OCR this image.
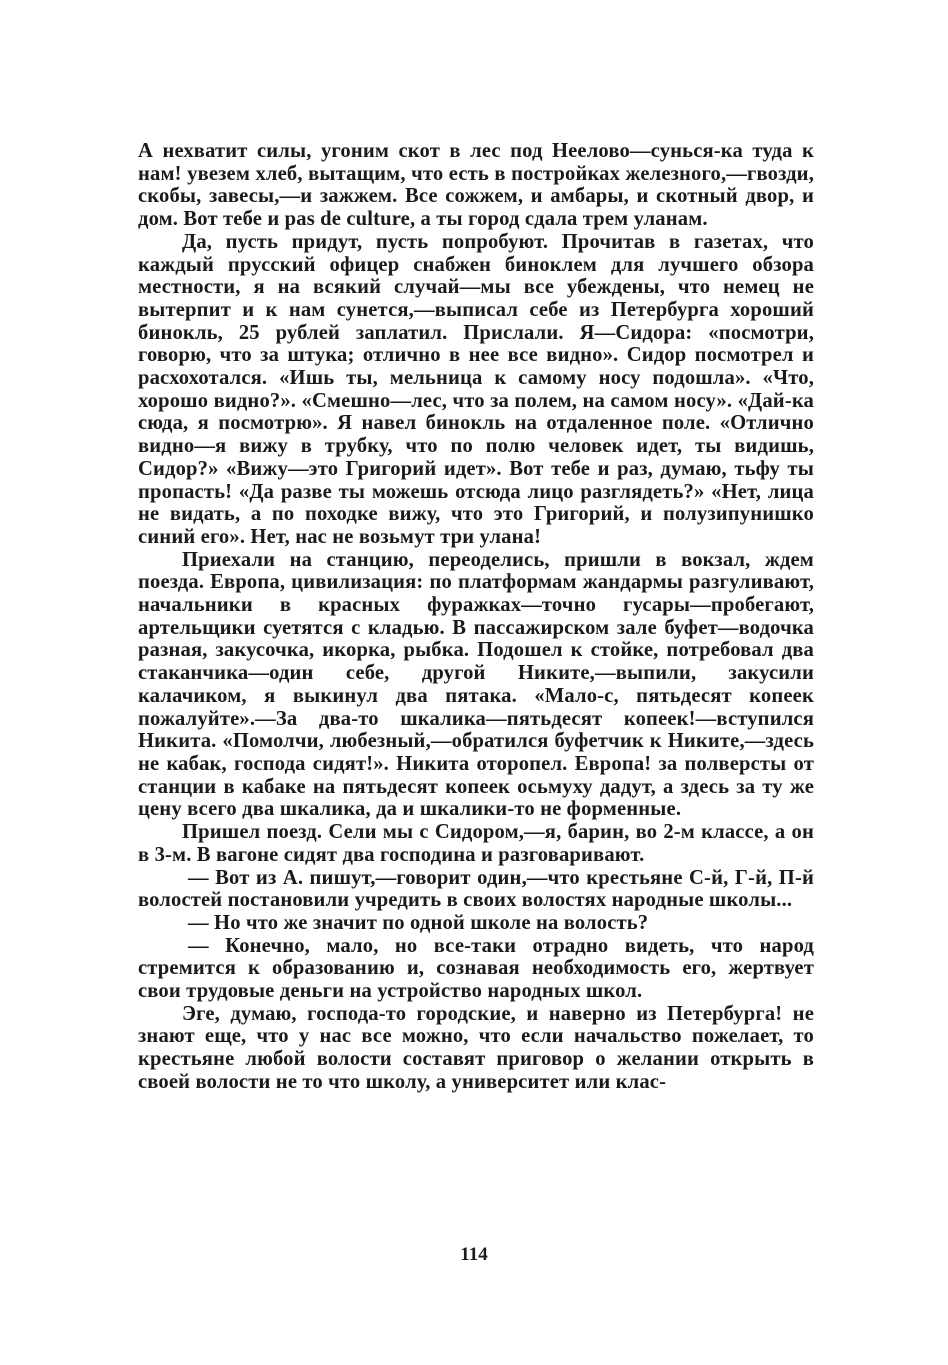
А нехватит силы, угоним скот в лес под Неелово—сунься-ка туда к нам! увезем хлеб, вытащим, что есть в постройках железного,—гвозди, скобы, завесы,—и зажжем. Все сожжем, и амбары, и скотный двор, и дом. Вот тебе и pas de culture, а ты город сдала трем уланам.

Да, пусть придут, пусть попробуют. Прочитав в газетах, что каждый прусский офицер снабжен биноклем для лучшего обзора местности, я на всякий случай—мы все убеждены, что немец не вытерпит и к нам сунется,—выписал себе из Петербурга хороший бинокль, 25 рублей заплатил. Прислали. Я—Сидора: «посмотри, говорю, что за штука; отлично в нее все видно». Сидор посмотрел и расхохотался. «Ишь ты, мельница к самому носу подошла». «Что, хорошо видно?». «Смешно—лес, что за полем, на самом носу». «Дай-ка сюда, я посмотрю». Я навел бинокль на отдаленное поле. «Отлично видно—я вижу в трубку, что по полю человек идет, ты видишь, Сидор?» «Вижу—это Григорий идет». Вот тебе и раз, думаю, тьфу ты пропасть! «Да разве ты можешь отсюда лицо разглядеть?» «Нет, лица не видать, а по походке вижу, что это Григорий, и полузипунишко синий его». Нет, нас не возьмут три улана!

Приехали на станцию, переоделись, пришли в вокзал, ждем поезда. Европа, цивилизация: по платформам жандармы разгуливают, начальники в красных фуражках—точно гусары—пробегают, артельщики суетятся с кладью. В пассажирском зале буфет—водочка разная, закусочка, икорка, рыбка. Подошел к стойке, потребовал два стаканчика—один себе, другой Никите,—выпили, закусили калачиком, я выкинул два пятака. «Мало-с, пятьдесят копеек пожалуйте».—За два-то шкалика—пятьдесят копеек!—вступился Никита. «Помолчи, любезный,—обратился буфетчик к Никите,—здесь не кабак, господа сидят!». Никита оторопел. Европа! за полверсты от станции в кабаке на пятьдесят копеек осьмуху дадут, а здесь за ту же цену всего два шкалика, да и шкалики-то не форменные.

Пришел поезд. Сели мы с Сидором,—я, барин, во 2-м классе, а он в 3-м. В вагоне сидят два господина и разговаривают.

— Вот из А. пишут,—говорит один,—что крестьяне С-й, Г-й, П-й волостей постановили учредить в своих волостях народные школы...

— Но что же значит по одной школе на волость?

— Конечно, мало, но все-таки отрадно видеть, что народ стремится к образованию и, сознавая необходимость его, жертвует свои трудовые деньги на устройство народных школ.

Эге, думаю, господа-то городские, и наверно из Петербурга! не знают еще, что у нас все можно, что если начальство пожелает, то крестьяне любой волости составят приговор о желании открыть в своей волости не то что школу, а университет или клас-

114
